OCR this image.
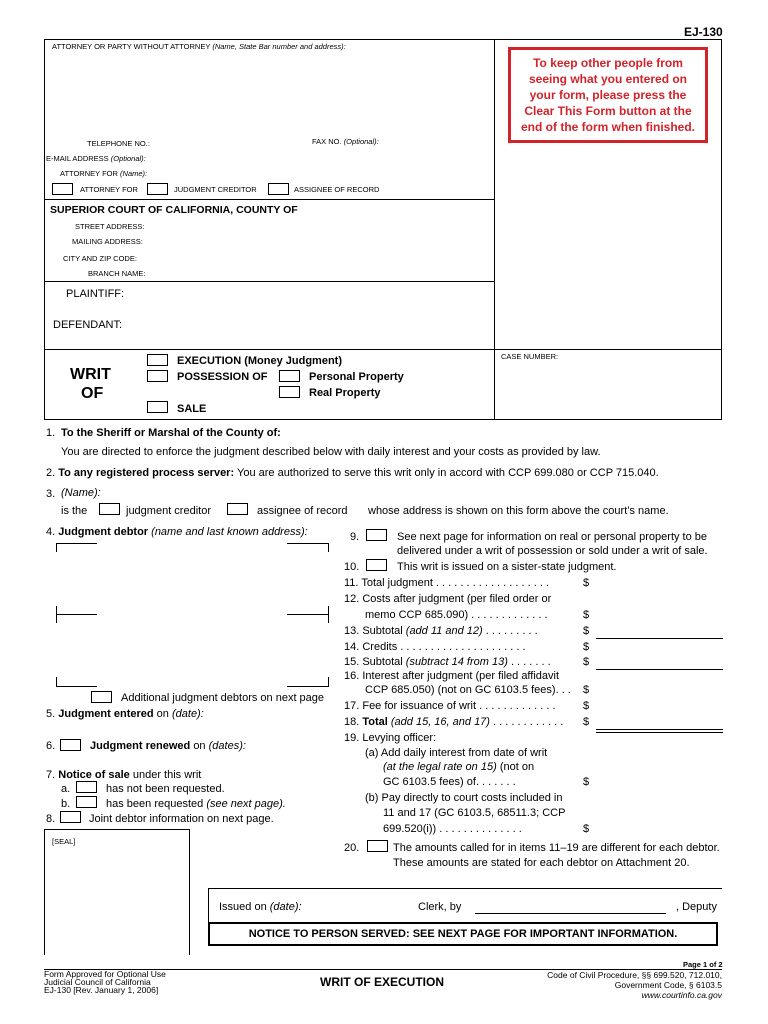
EJ-130
ATTORNEY OR PARTY WITHOUT ATTORNEY (Name, State Bar number and address):
TELEPHONE NO.:	FAX NO. (Optional):
E-MAIL ADDRESS (Optional):
ATTORNEY FOR (Name):
ATTORNEY FOR	JUDGMENT CREDITOR	ASSIGNEE OF RECORD
To keep other people from seeing what you entered on your form, please press the Clear This Form button at the end of the form when finished.
SUPERIOR COURT OF CALIFORNIA, COUNTY OF
STREET ADDRESS:
MAILING ADDRESS:
CITY AND ZIP CODE:
BRANCH NAME:
PLAINTIFF:
DEFENDANT:
WRIT
OF
EXECUTION (Money Judgment)
POSSESSION OF	Personal Property
Real Property
SALE
CASE NUMBER:
1. To the Sheriff or Marshal of the County of:
You are directed to enforce the judgment described below with daily interest and your costs as provided by law.
2. To any registered process server: You are authorized to serve this writ only in accord with CCP 699.080 or CCP 715.040.
3. (Name):
is the	judgment creditor	assignee of record whose address is shown on this form above the court’s name.
4. Judgment debtor (name and last known address):
Additional judgment debtors on next page
5. Judgment entered on (date):
6.	Judgment renewed on (dates):
7. Notice of sale under this writ
a.	has not been requested.
b.	has been requested (see next page).
8.	Joint debtor information on next page.
[SEAL]
9.	See next page for information on real or personal property to be
delivered under a writ of possession or sold under a writ of sale.
10.	This writ is issued on a sister-state judgment.
11. Total judgment . . . . . . . . . . . . . . . . . . .	$
12. Costs after judgment (per filed order or
memo CCP 685.090) . . . . . . . . . . . . .	$
13. Subtotal (add 11 and 12) . . . . . . . . .	$
14. Credits . . . . . . . . . . . . . . . . . . . . .	$
15. Subtotal (subtract 14 from 13) . . . . . . .	$
16. Interest after judgment (per filed affidavit
CCP 685.050) (not on GC 6103.5 fees). . . $
17. Fee for issuance of writ . . . . . . . . . . . . . $
18. Total (add 15, 16, and 17) . . . . . . . . . . . . $
19. Levying officer:
(a) Add daily interest from date of writ
(at the legal rate on 15) (not on
GC 6103.5 fees) of. . . . . . .	$
(b) Pay directly to court costs included in
11 and 17 (GC 6103.5, 68511.3; CCP
699.520(i)) . . . . . . . . . . . . . .	$
20.	The amounts called for in items 11–19 are different for each debtor.
These amounts are stated for each debtor on Attachment 20.
Issued on (date):	Clerk, by	, Deputy
NOTICE TO PERSON SERVED: SEE NEXT PAGE FOR IMPORTANT INFORMATION.
Page 1 of 2
Form Approved for Optional Use
Judicial Council of California
EJ-130 [Rev. January 1, 2006]
WRIT OF EXECUTION	Code of Civil Procedure, §§ 699.520, 712.010,
Government Code, § 6103.5
www.courtinfo.ca.gov
